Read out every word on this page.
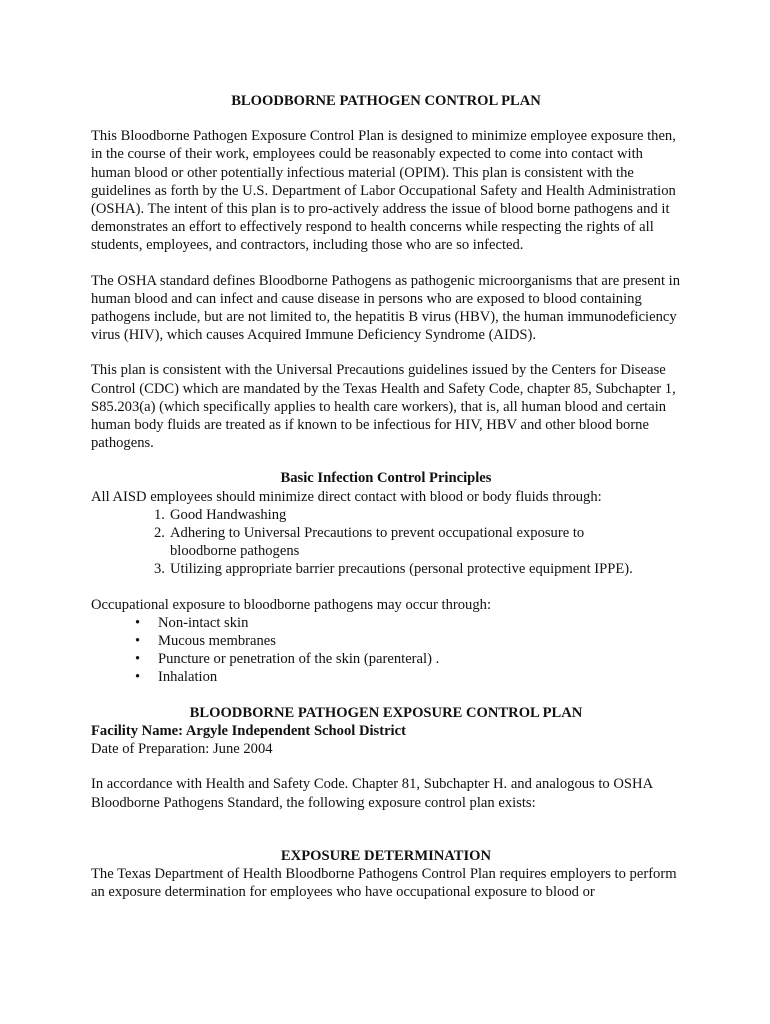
BLOODBORNE PATHOGEN CONTROL PLAN

This Bloodborne Pathogen Exposure Control Plan is designed to minimize employee exposure then, in the course of their work, employees could be reasonably expected to come into contact with human blood or other potentially infectious material (OPIM). This plan is consistent with the guidelines as forth by the U.S. Department of Labor Occupational Safety and Health Administration (OSHA). The intent of this plan is to pro-actively address the issue of blood borne pathogens and it demonstrates an effort to effectively respond to health concerns while respecting the rights of all students, employees, and contractors, including those who are so infected.

The OSHA standard defines Bloodborne Pathogens as pathogenic microorganisms that are present in human blood and can infect and cause disease in persons who are exposed to blood containing pathogens include, but are not limited to, the hepatitis B virus (HBV), the human immunodeficiency virus (HIV), which causes Acquired Immune Deficiency Syndrome (AIDS).

This plan is consistent with the Universal Precautions guidelines issued by the Centers for Disease Control (CDC) which are mandated by the Texas Health and Safety Code, chapter 85, Subchapter 1, S85.203(a) (which specifically applies to health care workers), that is, all human blood and certain human body fluids are treated as if known to be infectious for HIV, HBV and other blood borne pathogens.

Basic Infection Control Principles
All AISD employees should minimize direct contact with blood or body fluids through:
1. Good Handwashing
2. Adhering to Universal Precautions to prevent occupational exposure to
bloodborne pathogens
3. Utilizing appropriate barrier precautions (personal protective equipment IPPE).
Occupational exposure to bloodborne pathogens may occur through:
• Non-intact skin
• Mucous membranes
• Puncture or penetration of the skin (parenteral) .
• Inhalation
BLOODBORNE PATHOGEN EXPOSURE CONTROL PLAN
Facility Name: Argyle Independent School District
Date of Preparation: June 2004

In accordance with Health and Safety Code. Chapter 81, Subchapter H. and analogous to OSHA Bloodborne Pathogens Standard, the following exposure control plan exists:

EXPOSURE DETERMINATION
The Texas Department of Health Bloodborne Pathogens Control Plan requires employers to perform an exposure determination for employees who have occupational exposure to blood or
